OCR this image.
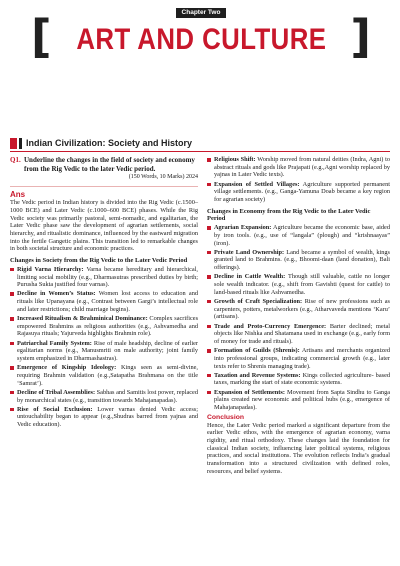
Chapter Two
[ ART AND CULTURE ]
Indian Civilization: Society and History
Q1. Underline the changes in the field of society and economy from the Rig Vedic to the later Vedic period.
(150 Words, 10 Marks) 2024
Ans

The Vedic period in Indian history is divided into the Rig Vedic (c.1500–1000 BCE) and Later Vedic (c.1000–600 BCE) phases. While the Rig Vedic society was primarily pastoral, semi-nomadic, and egalitarian, the Later Vedic phase saw the development of agrarian settlements, social hierarchy, and ritualistic dominance, influenced by the eastward migration into the fertile Gangetic plains. This transition led to remarkable changes in both societal structure and economic practices.

Changes in Society from the Rig Vedic to the Later Vedic Period
Rigid Varna Hierarchy: Varna became hereditary and hierarchical, limiting social mobility (e.g., Dharmasutras prescribed duties by birth; Purusha Sukta justified four varnas).
Decline in Women’s Status: Women lost access to education and rituals like Upanayana (e.g., Contrast between Gargi’s intellectual role and later restrictions; child marriage begins).
Increased Ritualism & Brahminical Dominance: Complex sacrifices empowered Brahmins as religious authorities (e.g., Ashvamedha and Rajasuya rituals; Yajurveda highlights Brahmin role).
Patriarchal Family System: Rise of male headship, decline of earlier egalitarian norms (e.g., Manusmriti on male authority; joint family system emphasized in Dharmashastras).
Emergence of Kingship Ideology: Kings seen as semi-divine, requiring Brahmin validation (e.g.,Satapatha Brahmana on the title ‘Samrat’).
Decline of Tribal Assemblies: Sabhas and Samitis lost power, replaced by monarchical states (e.g., transition towards Mahajanapadas).
Rise of Social Exclusion: Lower varnas denied Vedic access; untouchability began to appear (e.g.,Shudras barred from yajnas and Vedic education).
Religious Shift: Worship moved from natural deities (Indra, Agni) to abstract rituals and gods like Prajapati (e.g.,Agni worship replaced by yajnas in Later Vedic texts).
Expansion of Settled Villages: Agriculture supported permanent village settlements. (e.g., Ganga-Yamuna Doab became a key region for agrarian society)
Changes in Economy from the Rig Vedic to the Later Vedic Period
Agrarian Expansion: Agriculture became the economic base, aided by iron tools. (e.g., use of “langala” (plough) and “krishnaayas” (iron).
Private Land Ownership: Land became a symbol of wealth, kings granted land to Brahmins. (e.g., Bhoomi-daan (land donation), Bali offerings).
Decline in Cattle Wealth: Though still valuable, cattle no longer sole wealth indicator. (e.g., shift from Gavishti (quest for cattle) to land-based rituals like Ashvamedha.
Growth of Craft Specialization: Rise of new professions such as carpenters, potters, metalworkers (e.g., Atharvaveda mentions ‘Karu’ (artisans).
Trade and Proto-Currency Emergence: Barter declined; metal objects like Nishka and Shatamana used in exchange (e.g., early form of money for trade and rituals).
Formation of Guilds (Shrenis): Artisans and merchants organized into professional groups, indicating commercial growth (e.g., later texts refer to Shrenis managing trade).
Taxation and Revenue Systems: Kings collected agriculture- based taxes, marking the start of state economic systems.
Expansion of Settlements: Movement from Sapta Sindhu to Ganga plains created new economic and political hubs (e.g., emergence of Mahajanapadas).
Conclusion

Hence, the Later Vedic period marked a significant departure from the earlier Vedic ethos, with the emergence of agrarian economy, varna rigidity, and ritual orthodoxy. These changes laid the foundation for classical Indian society, influencing later political systems, religious practices, and social institutions. The evolution reflects India’s gradual transformation into a structured civilization with defined roles, resources, and belief systems.
